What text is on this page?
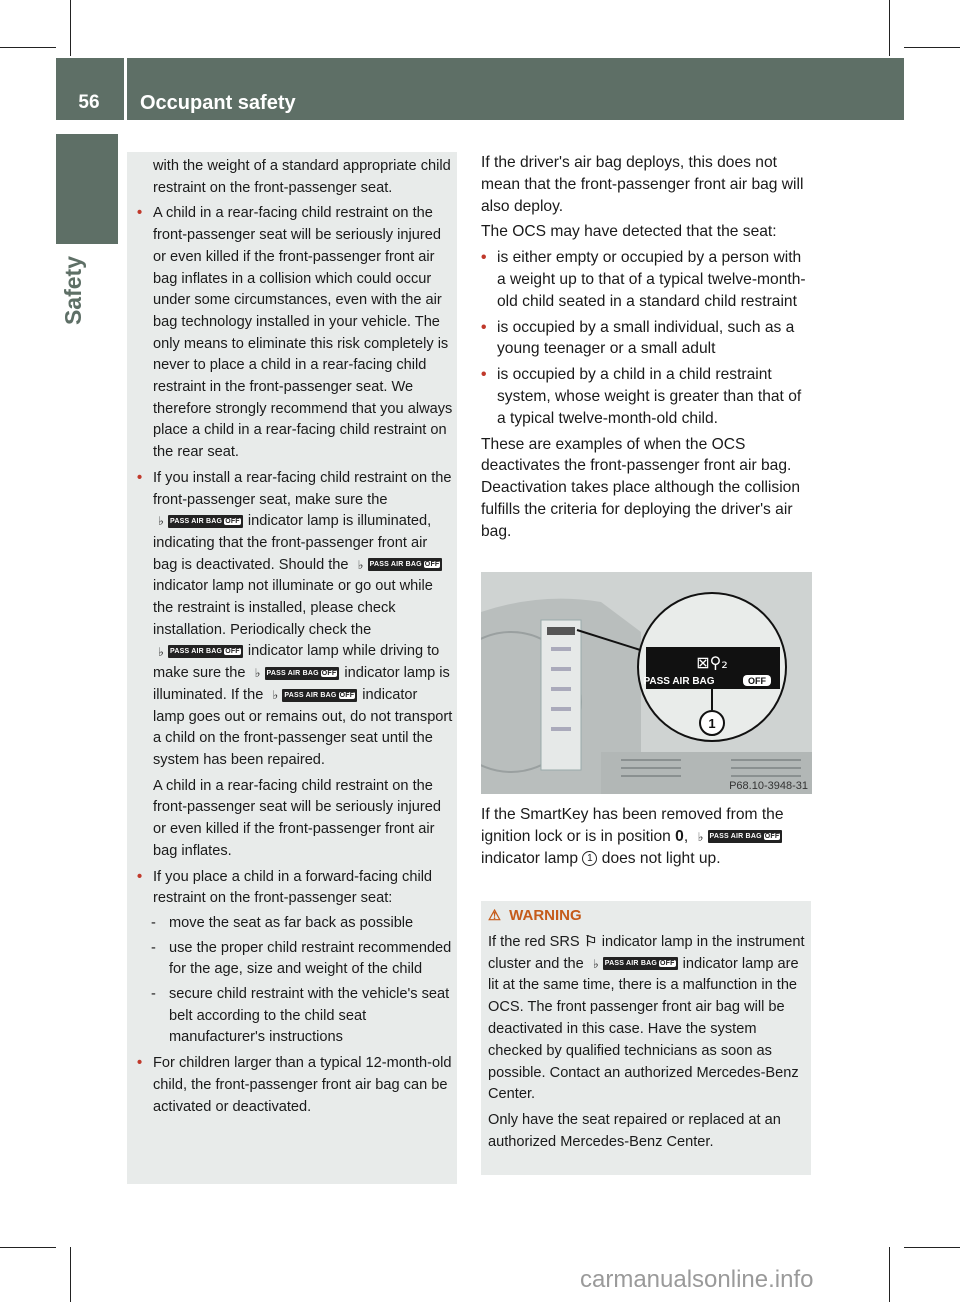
56	Occupant safety
Safety

with the weight of a standard appropriate child restraint on the front-passenger seat.

• A child in a rear-facing child restraint on the front-passenger seat will be seriously injured or even killed if the front-passenger front air bag inflates in a collision which could occur under some circumstances, even with the air bag technology installed in your vehicle. The only means to eliminate this risk completely is never to place a child in a rear-facing child restraint in the front-passenger seat. We therefore strongly recommend that you always place a child in a rear-facing child restraint on the rear seat.

• If you install a rear-facing child restraint on the front-passenger seat, make sure the ♭ PASS AIR BAG OFF indicator lamp is illuminated, indicating that the front-passenger front air bag is deactivated. Should the ♭ PASS AIR BAG OFF indicator lamp not illuminate or go out while the restraint is installed, please check installation. Periodically check the ♭ PASS AIR BAG OFF indicator lamp while driving to make sure the ♭ PASS AIR BAG OFF indicator lamp is illuminated. If the ♭ PASS AIR BAG OFF indicator lamp goes out or remains out, do not transport a child on the front-passenger seat until the system has been repaired.

A child in a rear-facing child restraint on the front-passenger seat will be seriously injured or even killed if the front-passenger front air bag inflates.

• If you place a child in a forward-facing child restraint on the front-passenger seat:

- move the seat as far back as possible

- use the proper child restraint recommended for the age, size and weight of the child

- secure child restraint with the vehicle's seat belt according to the child seat manufacturer's instructions

• For children larger than a typical 12-month-old child, the front-passenger front air bag can be activated or deactivated.

If the driver's air bag deploys, this does not mean that the front-passenger front air bag will also deploy.

The OCS may have detected that the seat:

• is either empty or occupied by a person with a weight up to that of a typical twelve-month-old child seated in a standard child restraint

• is occupied by a small individual, such as a young teenager or a small adult

• is occupied by a child in a child restraint system, whose weight is greater than that of a typical twelve-month-old child.

These are examples of when the OCS deactivates the front-passenger front air bag. Deactivation takes place although the collision fulfills the criteria for deploying the driver's air bag.

⊠⚲₂
PASS AIR BAG	OFF
1
P68.10-3948-31

If the SmartKey has been removed from the ignition lock or is in position 0, ♭ PASS AIR BAG OFF indicator lamp 1 does not light up.

⚠ WARNING

If the red SRS ⚐ indicator lamp in the instrument cluster and the ♭ PASS AIR BAG OFF indicator lamp are lit at the same time, there is a malfunction in the OCS. The front passenger front air bag will be deactivated in this case. Have the system checked by qualified technicians as soon as possible. Contact an authorized Mercedes-Benz Center.

Only have the seat repaired or replaced at an authorized Mercedes-Benz Center.

carmanualsonline.info
